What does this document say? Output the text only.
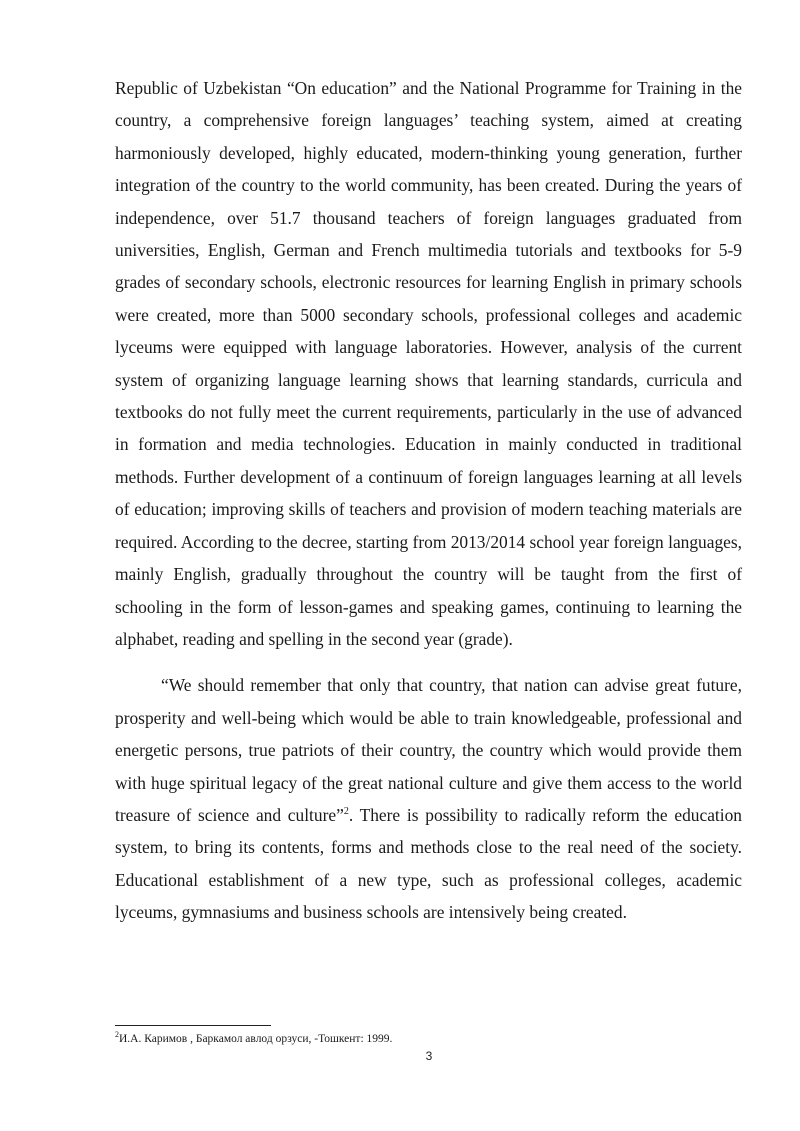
Republic of Uzbekistan “On education” and the National Programme for Training in the country, a comprehensive foreign languages’ teaching system, aimed at creating harmoniously developed, highly educated, modern-thinking young generation, further integration of the country to the world community, has been created. During the years of independence, over 51.7 thousand teachers of foreign languages graduated from universities, English, German and French multimedia tutorials and textbooks for 5-9 grades of secondary schools, electronic resources for learning English in primary schools were created, more than 5000 secondary schools, professional colleges and academic lyceums were equipped with language laboratories. However, analysis of the current system of organizing language learning shows that learning standards, curricula and textbooks do not fully meet the current requirements, particularly in the use of advanced in formation and media technologies. Education in mainly conducted in traditional methods. Further development of a continuum of foreign languages learning at all levels of education; improving skills of teachers and provision of modern teaching materials are required. According to the decree, starting from 2013/2014 school year foreign languages, mainly English, gradually throughout the country will be taught from the first of schooling in the form of lesson-games and speaking games, continuing to learning the alphabet, reading and spelling in the second year (grade).

“We should remember that only that country, that nation can advise great future, prosperity and well-being which would be able to train knowledgeable, professional and energetic persons, true patriots of their country, the country which would provide them with huge spiritual legacy of the great national culture and give them access to the world treasure of science and culture”$^2$. There is possibility to radically reform the education system, to bring its contents, forms and methods close to the real need of the society. Educational establishment of a new type, such as professional colleges, academic lyceums, gymnasiums and business schools are intensively being created.

$^2$И.А. Каримов , Баркамол авлод орзуси, -Тошкент: 1999.
3
